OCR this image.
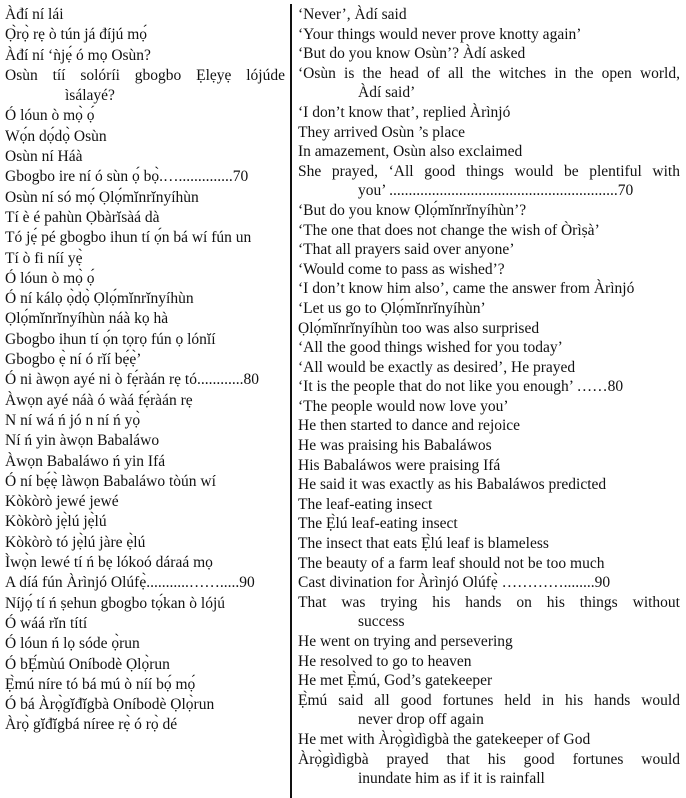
Àđí ní lái
Ọ̀rọ̀ rẹ ò tún já đíjú mọ́
Àđí ní ‘ǹjẹ́ ó mọ Osùn?
Osùn tíí solóríi gbogbo Ẹlẹyẹ lójúde
ìsálayé?
Ó lóun ò mọ̀ ọ́
Wọ́n dọ́dọ̀ Osùn
Osùn ní Háà
Gbogbo ire ní ó sùn ọ́ bọ̀.…..............70
Osùn ní só mọ́ Ọlọ́mĭnrĭnyíhùn
Tí è é pahùn Ọbàrĭsàá dà
Tó jẹ́ pé gbogbo ihun tí ọ́n bá wí fún un
Tí ò fi níí yẹ̀
Ó lóun ò mọ̀ ọ́
Ó ní kálọ ọ̀dọ̀ Ọlọ́mĭnrĭnyíhùn
Ọlọ́mĭnrĭnyíhùn náà kọ hà
Gbogbo ihun tí ọ́n tọrọ fún ọ lónĭí
Gbogbo ẹ̀ ní ó rĭí bẹ́ẹ̀’
Ó ni àwọn ayé ni ò fẹ́ràán rẹ tó............80
Àwọn ayé náà ó wàá fẹ́ràán rẹ
N ní wá ń jó n ní ń yọ̀
Ní ń yin àwọn Babaláwo
Àwọn Babaláwo ń yin Ifá
Ó ní bẹ́ẹ̀ làwọn Babaláwo tòún wí
Kòkòrò jewé jewé
Kòkòrò jẹ̀lú jẹ̀lú
Kòkòrò tó jẹ̀lú jàre ẹ̀lú
Ìwọ̀n lewé tí ń bẹ lókoó dáraá mọ
A díá fún Àrìnjó Olúfẹ̀...........…….....90
Níjọ́ tí ń ṣehun gbogbo tọ́kan ò lójú
Ó wáá rĭn títí
Ó lóun ń lọ sóde ọ̀run
Ó bẸ́mùú Oníbodè Ọlọ̀run
Ẹ̀mú níre tó bá mú ò níí bọ́ mọ́
Ó bá Àrọ̀gĭđĭgbà Oníbodè Ọlọ̀run
Àrọ̀ gĭđĭgbá níree rẹ̀ ó rọ̀ dé
‘Never’, Àdí said
‘Your things would never prove knotty again’
‘But do you know Osùn’? Àdí asked
‘Osùn is the head of all the witches in the open world,
Àdí said’
‘I don’t know that’, replied Àrìnjó
They arrived Osùn ’s place
In amazement, Osùn also exclaimed
She prayed, ‘All good things would be plentiful with
you’ ...........................................................70
‘But do you know Ọlọ́mĭnrĭnyíhùn’?
‘The one that does not change the wish of Òrìṣà’
‘That all prayers said over anyone’
‘Would come to pass as wished’?
‘I don’t know him also’, came the answer from Àrìnjó
‘Let us go to Ọlọ́mĭnrĭnyíhùn’
Ọlọ́mĭnrĭnyíhùn too was also surprised
‘All the good things wished for you today’
‘All would be exactly as desired’, He prayed
‘It is the people that do not like you enough’ ……80
‘The people would now love you’
He then started to dance and rejoice
He was praising his Babaláwos
His Babaláwos were praising Ifá
He said it was exactly as his Babaláwos predicted
The leaf-eating insect
The Ẹ̀lú leaf-eating insect
The insect that eats Ẹ̀lú leaf is blameless
The beauty of a farm leaf should not be too much
Cast divination for Àrìnjó Olúfẹ̀ …………........90
That was trying his hands on his things without
success
He went on trying and persevering
He resolved to go to heaven
He met Ẹ̀mú, God’s gatekeeper
Ẹ̀mú said all good fortunes held in his hands would
never drop off again
He met with Àrọ̀gìdìgbà the gatekeeper of God
Àrọ̀gìdìgbà prayed that his good fortunes would
inundate him as if it is rainfall
